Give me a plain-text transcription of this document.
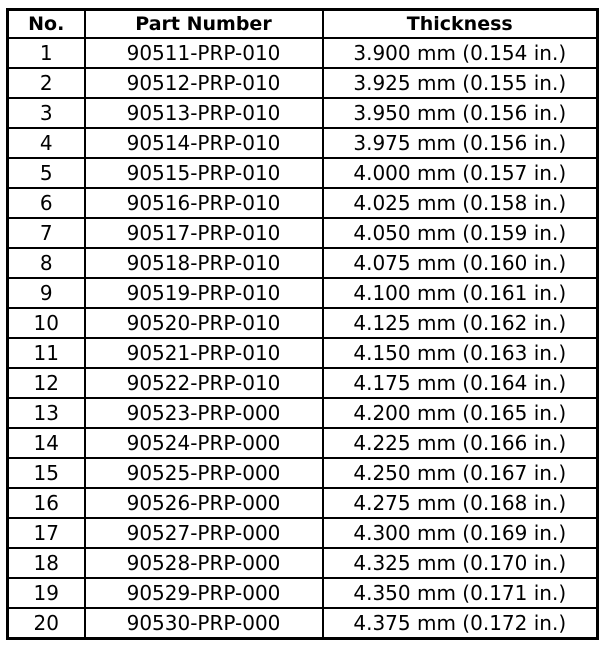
No.	Part Number	Thickness
1	90511-PRP-010	3.900 mm (0.154 in.)
2	90512-PRP-010	3.925 mm (0.155 in.)
3	90513-PRP-010	3.950 mm (0.156 in.)
4	90514-PRP-010	3.975 mm (0.156 in.)
5	90515-PRP-010	4.000 mm (0.157 in.)
6	90516-PRP-010	4.025 mm (0.158 in.)
7	90517-PRP-010	4.050 mm (0.159 in.)
8	90518-PRP-010	4.075 mm (0.160 in.)
9	90519-PRP-010	4.100 mm (0.161 in.)
10	90520-PRP-010	4.125 mm (0.162 in.)
11	90521-PRP-010	4.150 mm (0.163 in.)
12	90522-PRP-010	4.175 mm (0.164 in.)
13	90523-PRP-000	4.200 mm (0.165 in.)
14	90524-PRP-000	4.225 mm (0.166 in.)
15	90525-PRP-000	4.250 mm (0.167 in.)
16	90526-PRP-000	4.275 mm (0.168 in.)
17	90527-PRP-000	4.300 mm (0.169 in.)
18	90528-PRP-000	4.325 mm (0.170 in.)
19	90529-PRP-000	4.350 mm (0.171 in.)
20	90530-PRP-000	4.375 mm (0.172 in.)
